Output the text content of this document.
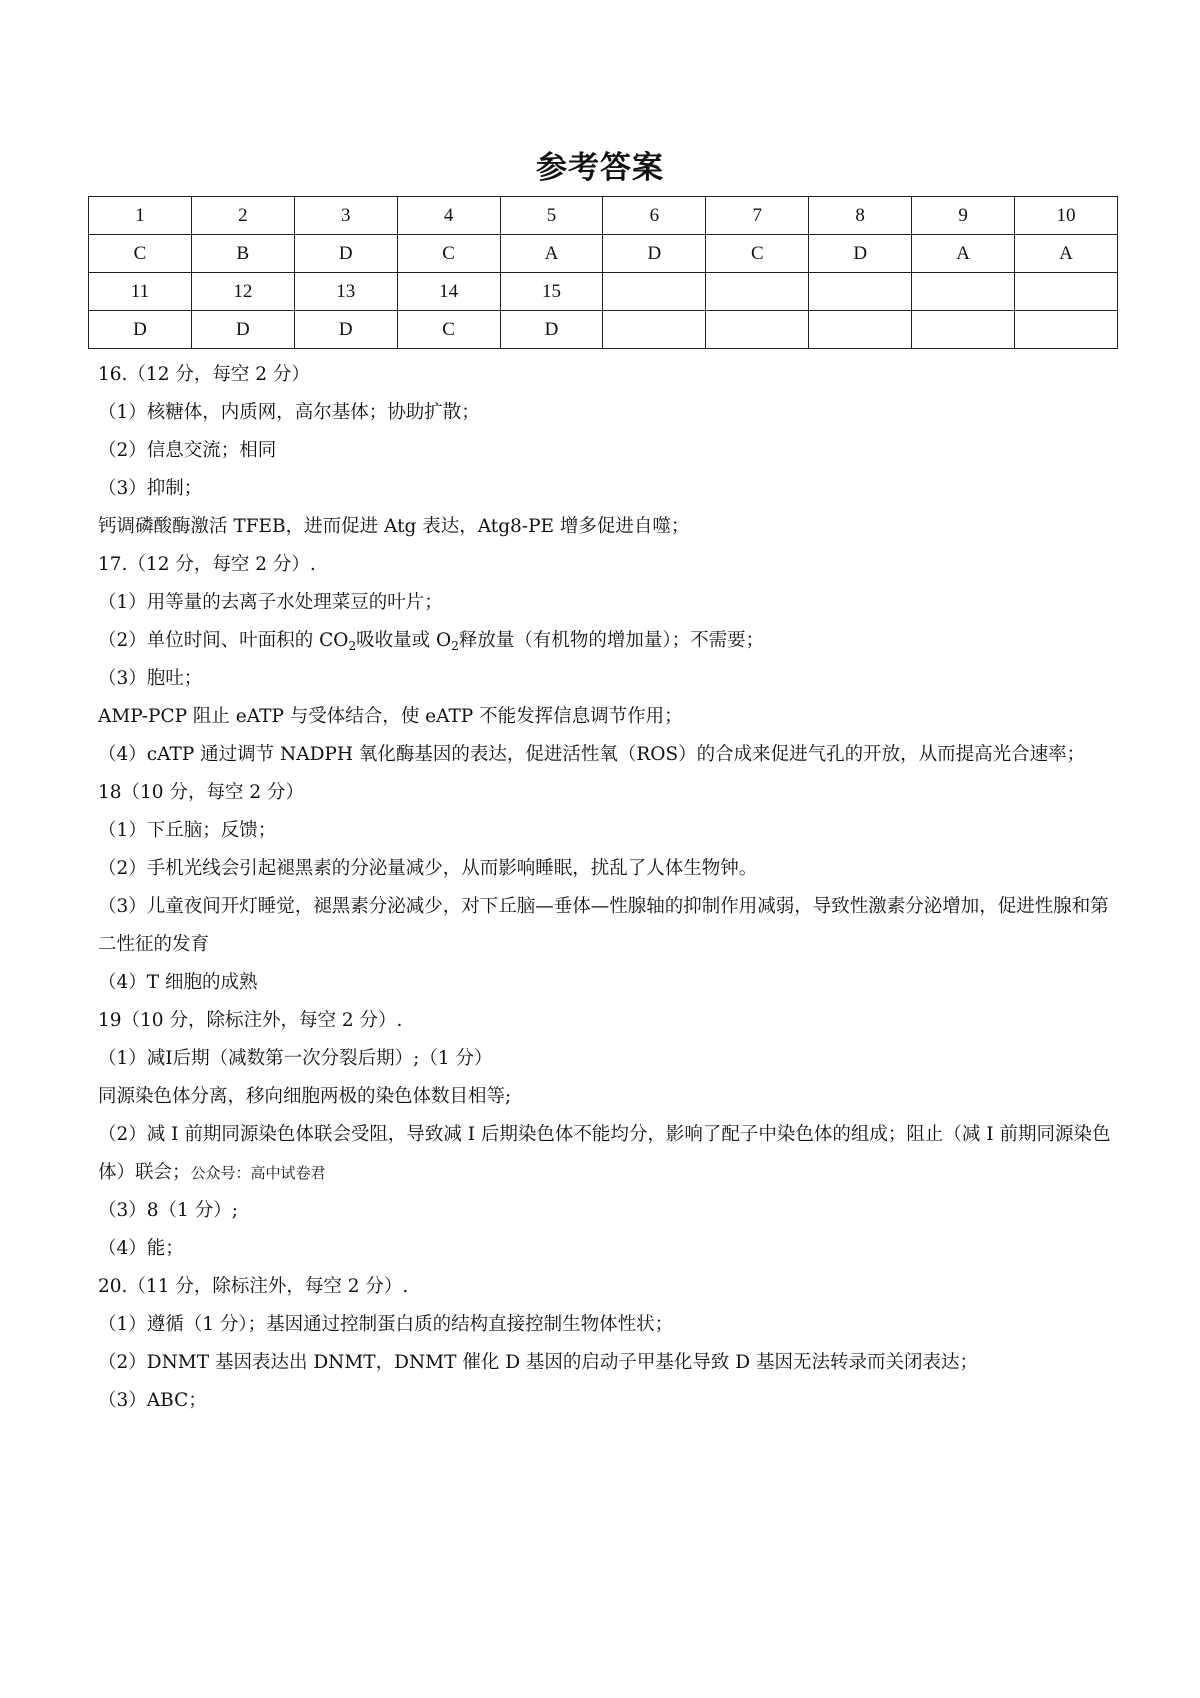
参考答案
1	2	3	4	5	6	7	8	9	10
C	B	D	C	A	D	C	D	A	A
11	12	13	14	15					
D	D	D	C	D					

16.（12 分，每空 2 分）

（1）核糖体，内质网，高尔基体；协助扩散；

（2）信息交流；相同

（3）抑制；

钙调磷酸酶激活 TFEB，进而促进 Atg 表达，Atg8-PE 增多促进自噬；

17.（12 分，每空 2 分）.

（1）用等量的去离子水处理菜豆的叶片；

（2）单位时间、叶面积的 $CO_2$吸收量或 $O_2$释放量（有机物的增加量）；不需要；

（3）胞吐；

AMP-PCP 阻止 eATP 与受体结合，使 eATP 不能发挥信息调节作用；

（4）cATP 通过调节 NADPH 氧化酶基因的表达，促进活性氧（ROS）的合成来促进气孔的开放，从而提高光合速率；

18（10 分，每空 2 分）

（1）下丘脑；反馈；

（2）手机光线会引起褪黑素的分泌量减少，从而影响睡眠，扰乱了人体生物钟。

（3）儿童夜间开灯睡觉，褪黑素分泌减少，对下丘脑—垂体—性腺轴的抑制作用减弱，导致性激素分泌增加，促进性腺和第二性征的发育

（4）T 细胞的成熟

19（10 分，除标注外，每空 2 分）.

（1）减Ⅰ后期（减数第一次分裂后期）;（1 分）

同源染色体分离，移向细胞两极的染色体数目相等;

（2）减 I 前期同源染色体联会受阻，导致减 I 后期染色体不能均分，影响了配子中染色体的组成；阻止（减 I 前期同源染色体）联会；公众号：高中试卷君

（3）8（1 分）;

（4）能；

20.（11 分，除标注外，每空 2 分）.

（1）遵循（1 分）；基因通过控制蛋白质的结构直接控制生物体性状；

（2）DNMT 基因表达出 DNMT，DNMT 催化 D 基因的启动子甲基化导致 D 基因无法转录而关闭表达；

（3）ABC；
